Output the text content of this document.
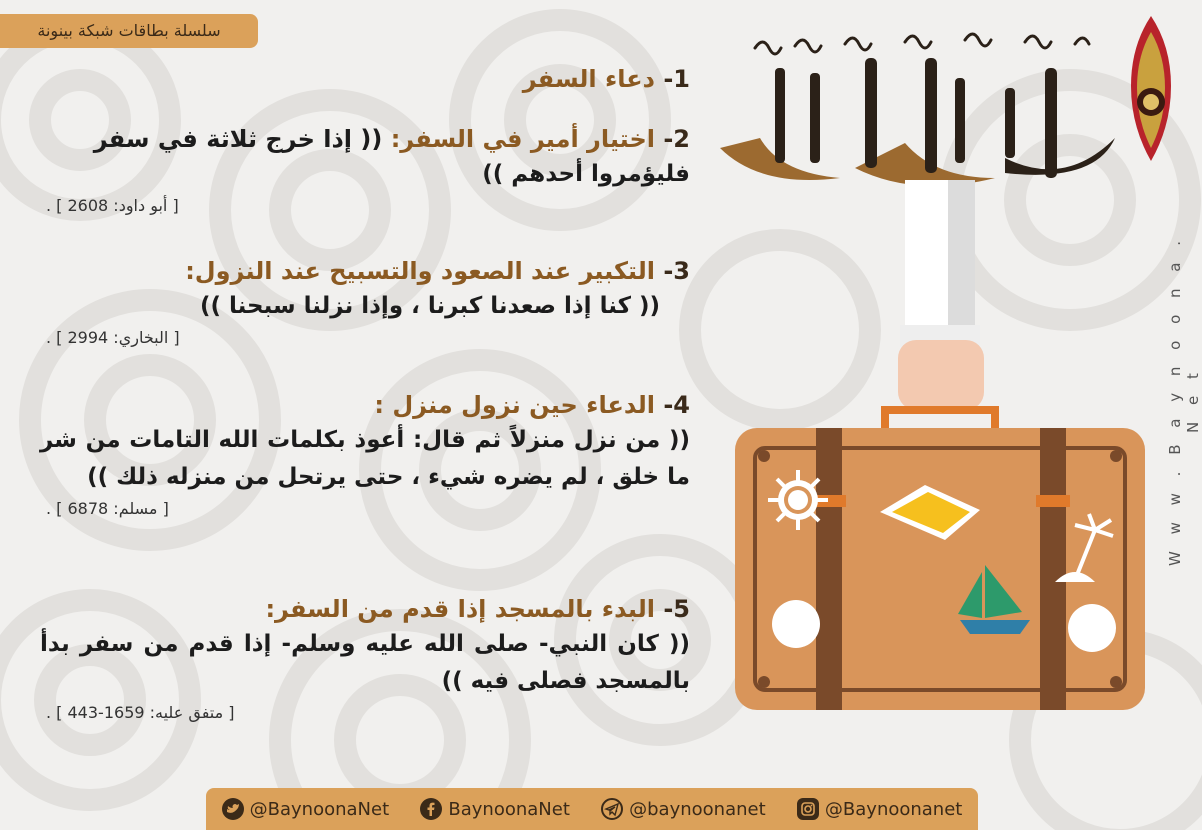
سلسلة بطاقات شبكة بينونة
W w w . B a y n o o n a . N e t
1- دعاء السفر
2- اختيار أمير في السفر: (( إذا خرج ثلاثة في سفر
فليؤمروا أحدهم ))
[ أبو داود: 2608 ] .
3- التكبير عند الصعود والتسبيح عند النزول:
(( كنا إذا صعدنا كبرنا ، وإذا نزلنا سبحنا ))
[ البخاري: 2994 ] .
4- الدعاء حين نزول منزل :
(( من نزل منزلاً ثم قال: أعوذ بكلمات الله التامات من شر ما خلق ، لم يضره شيء ، حتى يرتحل من منزله ذلك ))
[ مسلم: 6878 ] .
5- البدء بالمسجد إذا قدم من السفر:
(( كان النبي- صلى الله عليه وسلم- إذا قدم من سفر بدأ بالمسجد فصلى فيه ))
[ متفق عليه: 1659-443 ] .
@BaynoonaNet	BaynoonaNet	@baynoonanet	@Baynoonanet
